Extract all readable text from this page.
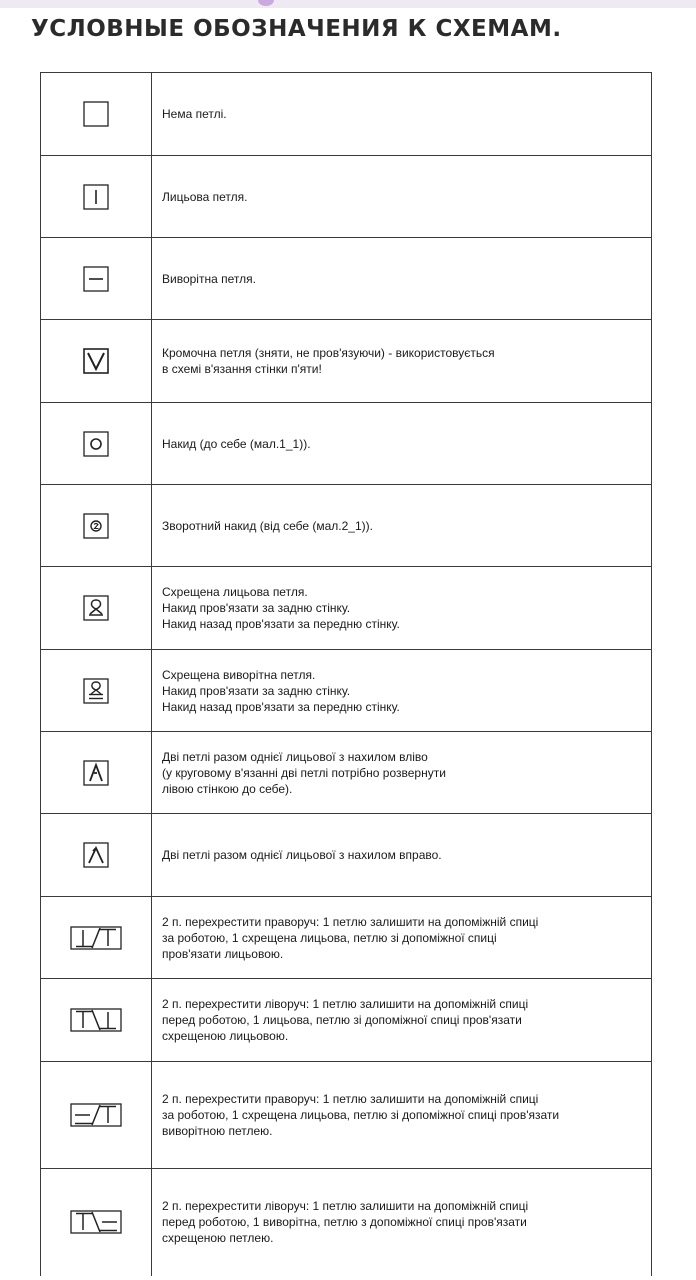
УСЛОВНЫЕ ОБОЗНАЧЕНИЯ К СХЕМАМ.

Нема петлі.

Лицьова петля.

Виворітна петля.

Кромочна петля (зняти, не пров'язуючи) - використовується
в схемі в'язання стінки п'яти!

Накид (до себе (мал.1_1)).

Зворотний накид (від себе (мал.2_1)).

Схрещена лицьова петля.
Накид пров'язати за задню стінку.
Накид назад пров'язати за передню стінку.

Схрещена виворітна петля.
Накид пров'язати за задню стінку.
Накид назад пров'язати за передню стінку.

Дві петлі разом однієї лицьової з нахилом вліво
(у круговому в'язанні дві петлі потрібно розвернути
лівою стінкою до себе).

Дві петлі разом однієї лицьової з нахилом вправо.

2 п. перехрестити праворуч: 1 петлю залишити на допоміжній спиці
за роботою, 1 схрещена лицьова, петлю зі допоміжної спиці
пров'язати лицьовою.

2 п. перехрестити ліворуч: 1 петлю залишити на допоміжній спиці
перед роботою, 1 лицьова, петлю зі допоміжної спиці пров'язати
схрещеною лицьовою.

2 п. перехрестити праворуч: 1 петлю залишити на допоміжній спиці
за роботою, 1 схрещена лицьова, петлю зі допоміжної спиці пров'язати
виворітною петлею.

2 п. перехрестити ліворуч: 1 петлю залишити на допоміжній спиці
перед роботою, 1 виворітна, петлю з допоміжної спиці пров'язати
схрещеною петлею.
